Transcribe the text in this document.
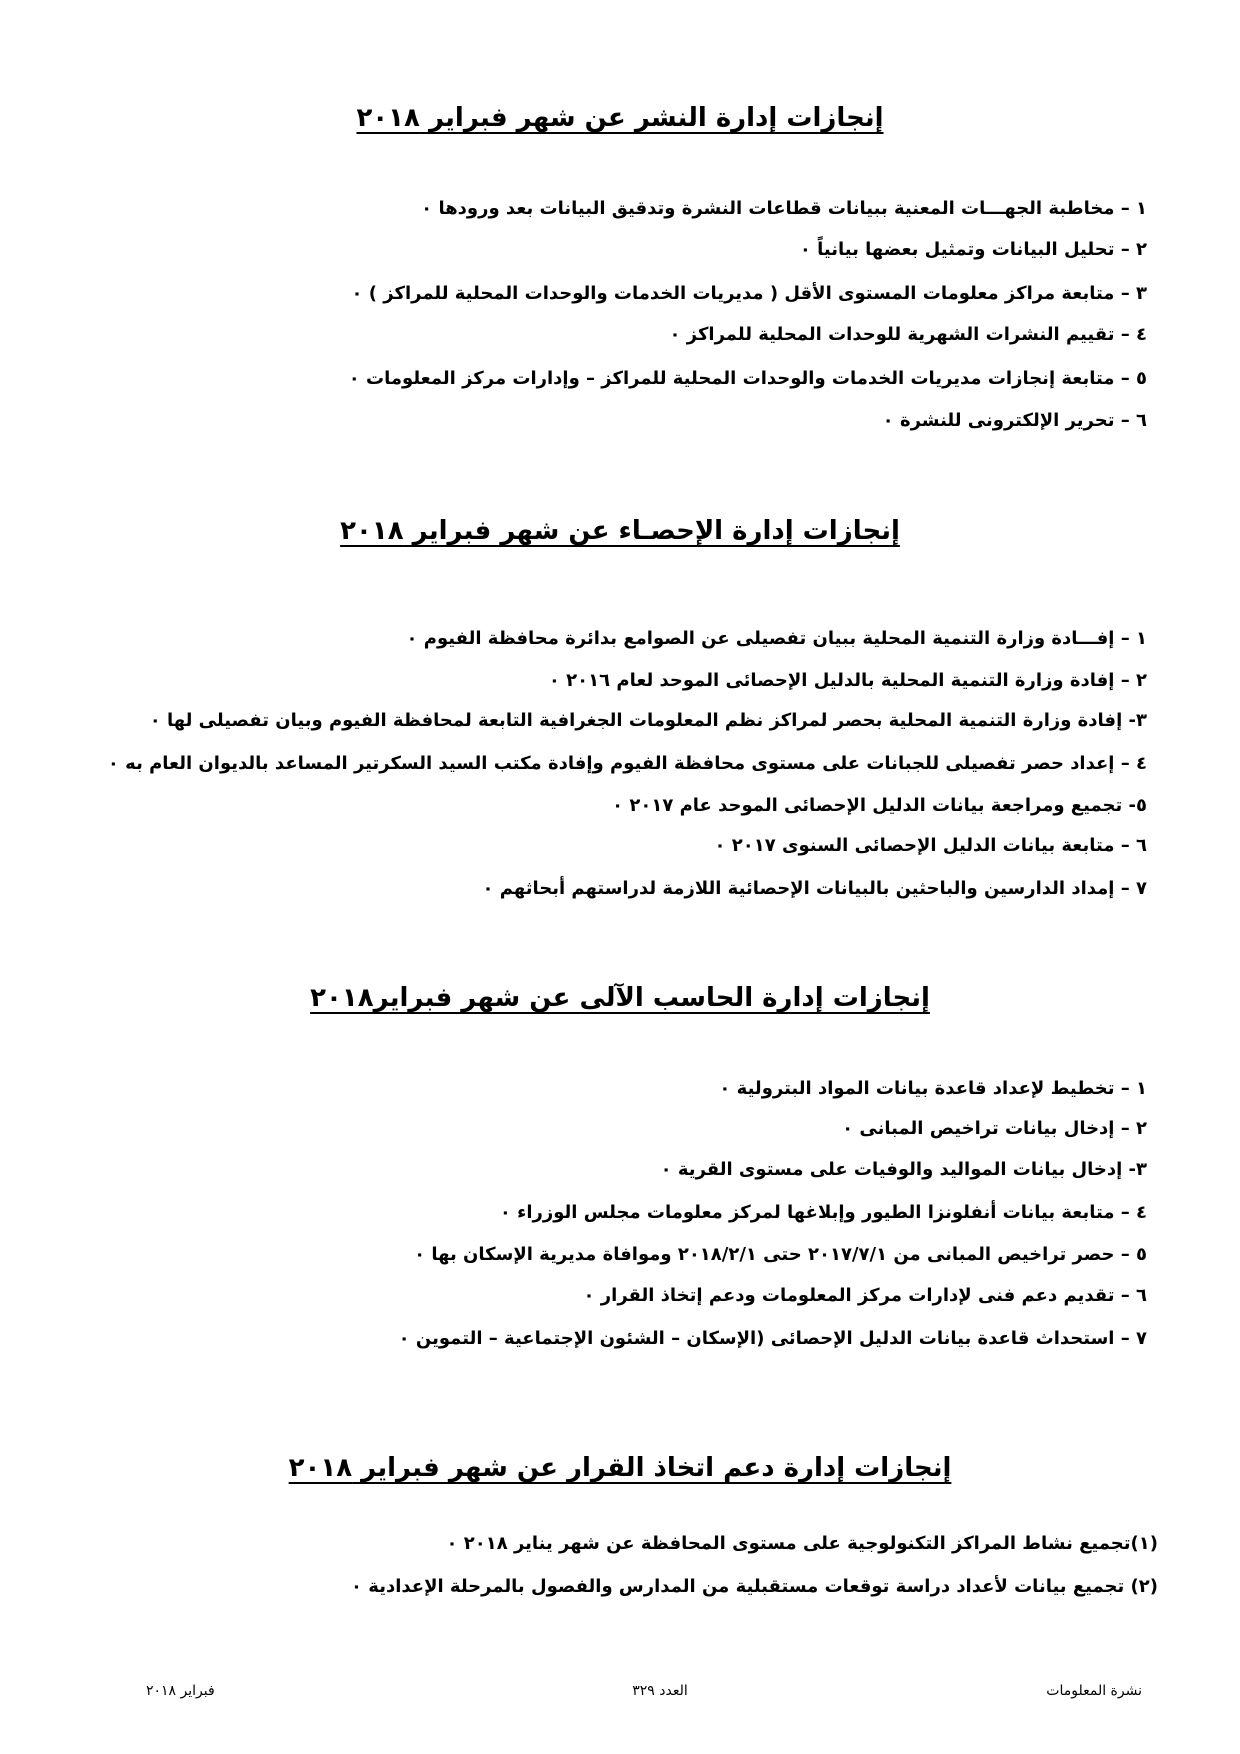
إنجازات إدارة النشر عن شهر فبراير ٢٠١٨
١ – مخاطبة الجهـــات المعنية ببيانات قطاعات النشرة وتدقيق البيانات بعد ورودها ٠
٢ – تحليل البيانات وتمثيل بعضها بيانياً ٠
٣ – متابعة مراكز معلومات المستوى الأقل ( مديريات الخدمات والوحدات المحلية للمراكز ) ٠
٤ – تقييم النشرات الشهرية للوحدات المحلية للمراكز ٠
٥ – متابعة إنجازات مديريات الخدمات والوحدات المحلية للمراكز – وإدارات مركز المعلومات ٠
٦ – تحرير الإلكترونى للنشرة ٠
إنجازات إدارة الإحصـاء عن شهر فبراير ٢٠١٨
١ – إفـــادة وزارة التنمية المحلية ببيان تفصيلى عن الصوامع بدائرة محافظة الفيوم ٠
٢ – إفادة وزارة التنمية المحلية بالدليل الإحصائى الموحد لعام ٢٠١٦ ٠
٣- إفادة وزارة التنمية المحلية بحصر لمراكز نظم المعلومات الجغرافية التابعة لمحافظة الفيوم وبيان تفصيلى لها ٠
٤ – إعداد حصر تفصيلى للجبانات على مستوى محافظة الفيوم وإفادة مكتب السيد السكرتير المساعد بالديوان العام به ٠
٥- تجميع ومراجعة بيانات الدليل الإحصائى الموحد عام ٢٠١٧ ٠
٦ – متابعة بيانات الدليل الإحصائى السنوى ٢٠١٧ ٠
٧ – إمداد الدارسين والباحثين بالبيانات الإحصائية اللازمة لدراستهم أبحاثهم ٠
إنجازات إدارة الحاسب الآلى عن شهر فبراير٢٠١٨
١ – تخطيط لإعداد قاعدة بيانات المواد البترولية ٠
٢ – إدخال بيانات تراخيص المبانى ٠
٣- إدخال بيانات المواليد والوفيات على مستوى القرية ٠
٤ – متابعة بيانات أنفلونزا الطيور وإبلاغها لمركز معلومات مجلس الوزراء ٠
٥ – حصر تراخيص المبانى من ٢٠١٧/٧/١ حتى ٢٠١٨/٢/١ وموافاة مديرية الإسكان بها ٠
٦ – تقديم دعم فنى لإدارات مركز المعلومات ودعم إتخاذ القرار ٠
٧ – استحداث قاعدة بيانات الدليل الإحصائى (الإسكان – الشئون الإجتماعية – التموين ٠
إنجازات إدارة دعم اتخاذ القرار عن شهر فبراير ٢٠١٨
(١)تجميع نشاط المراكز التكنولوجية على مستوى المحافظة عن شهر يناير ٢٠١٨ ٠
(٢) تجميع بيانات لأعداد دراسة توقعات مستقبلية من المدارس والفصول بالمرحلة الإعدادية ٠
فبراير ٢٠١٨	العدد ٣٢٩	نشرة المعلومات
